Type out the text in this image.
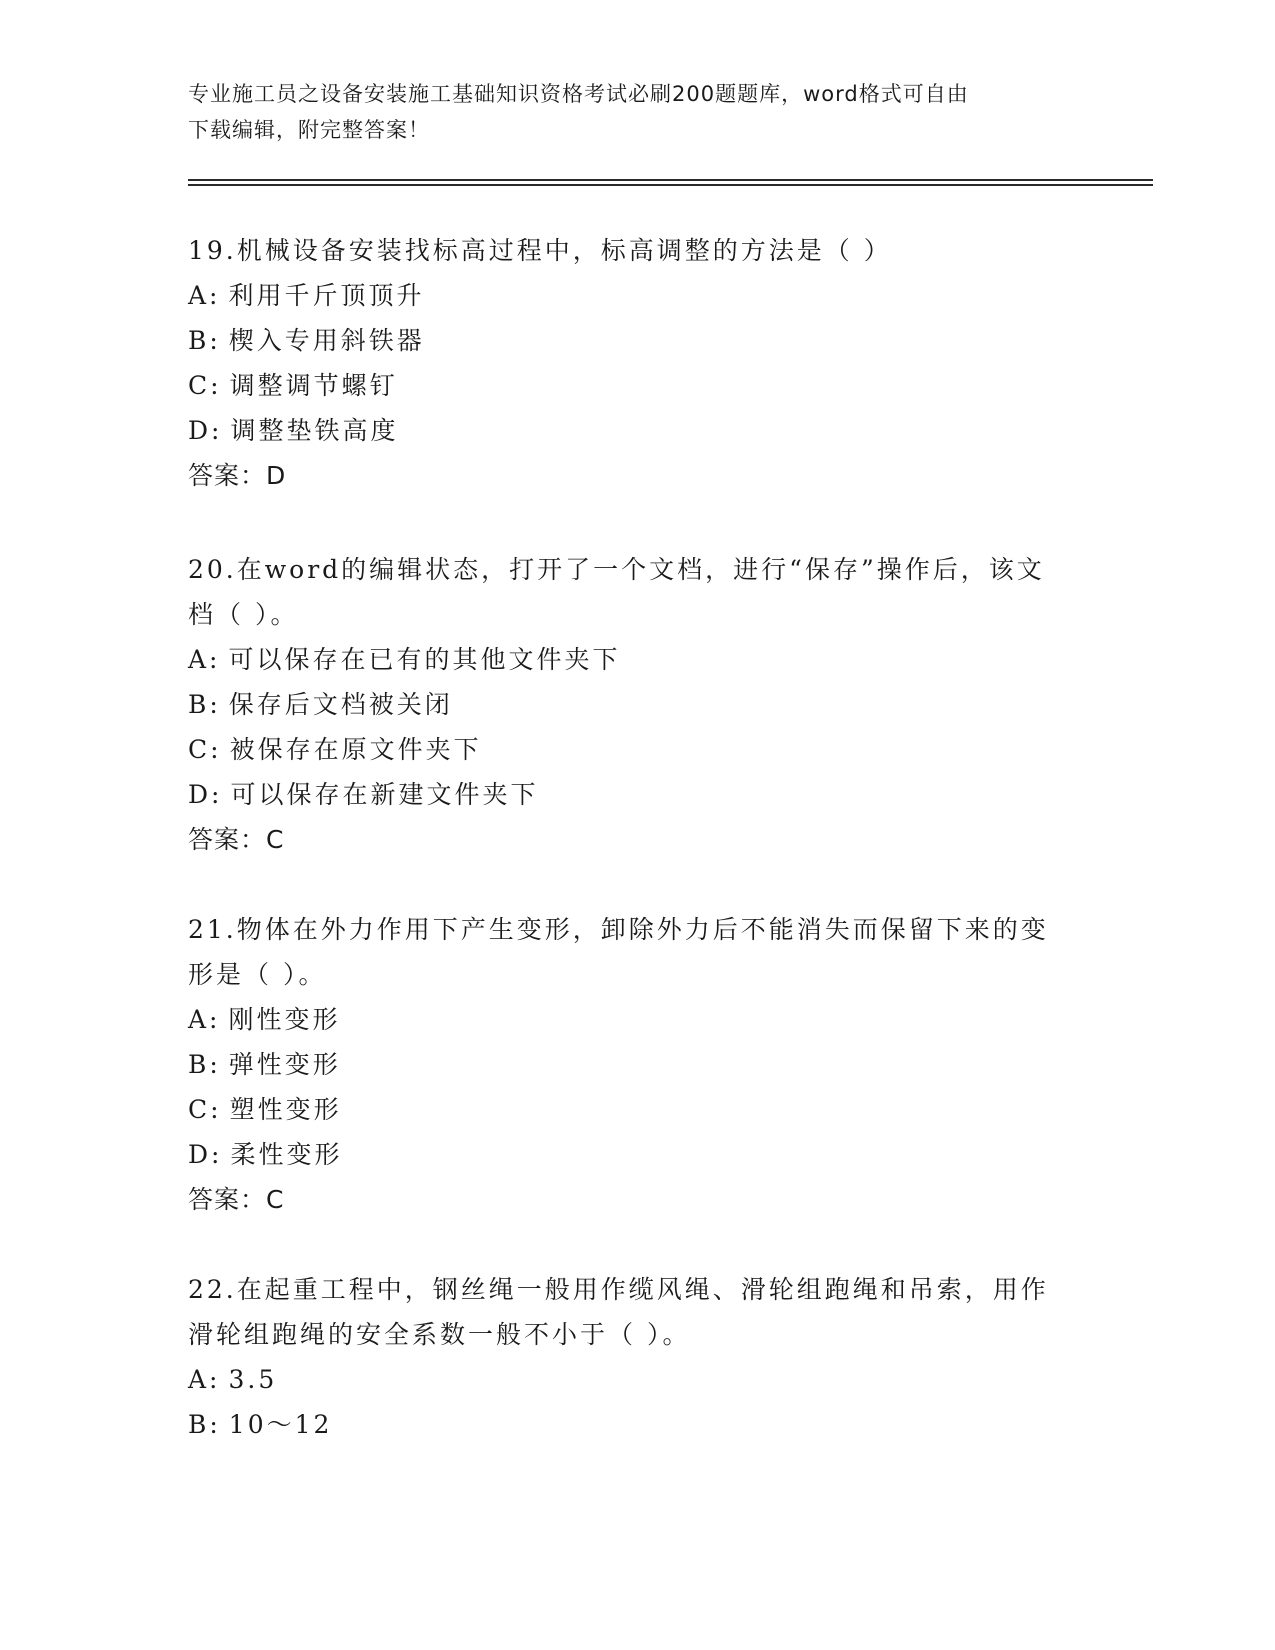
专业施工员之设备安装施工基础知识资格考试必刷200题题库，word格式可自由
下载编辑，附完整答案！

19.机械设备安装找标高过程中，标高调整的方法是（ ）

A: 利用千斤顶顶升

B: 楔入专用斜铁器

C: 调整调节螺钉

D: 调整垫铁高度

答案：D

20.在word的编辑状态，打开了一个文档，进行“保存”操作后，该文档（ ）。

A: 可以保存在已有的其他文件夹下

B: 保存后文档被关闭

C: 被保存在原文件夹下

D: 可以保存在新建文件夹下

答案：C

21.物体在外力作用下产生变形，卸除外力后不能消失而保留下来的变形是（ ）。

A: 刚性变形

B: 弹性变形

C: 塑性变形

D: 柔性变形

答案：C

22.在起重工程中，钢丝绳一般用作缆风绳、滑轮组跑绳和吊索，用作滑轮组跑绳的安全系数一般不小于（ ）。

A: 3.5

B: 10～12
